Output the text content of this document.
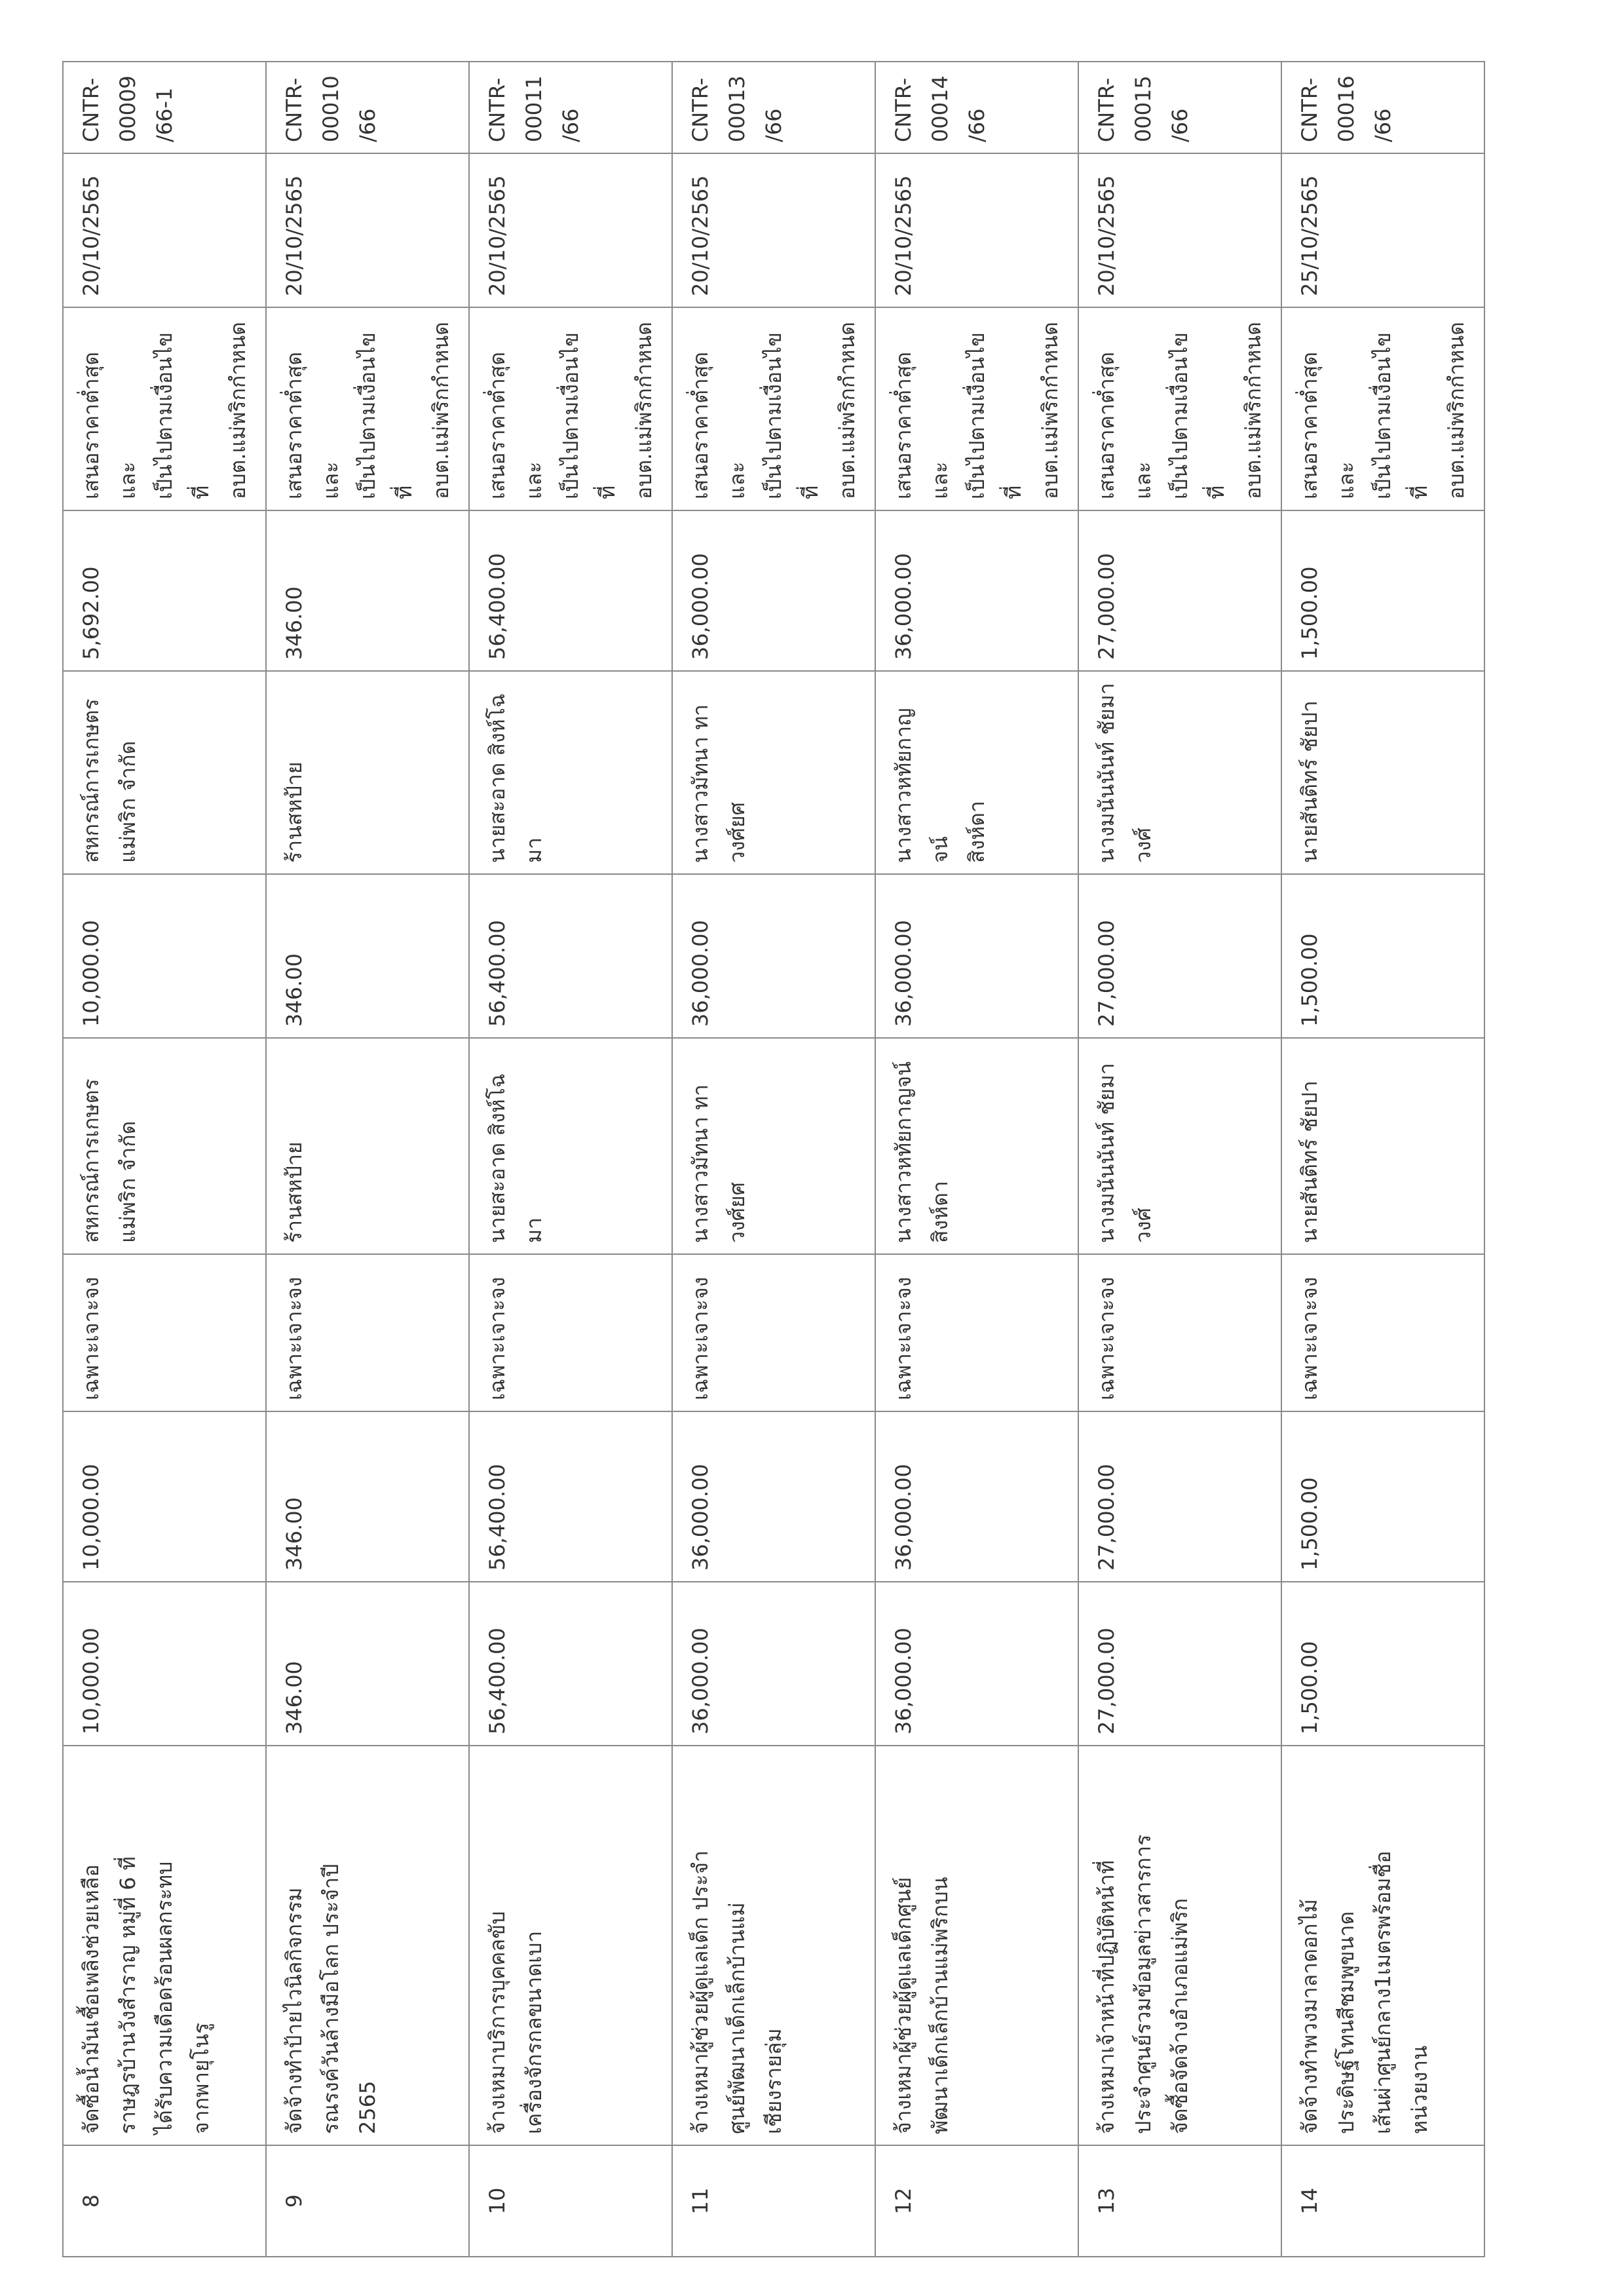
8	จัดซื้อน้ำมันเชื้อเพลิงช่วยเหลือ ราษฎรบ้านวังสำราญ หมู่ที่ 6 ที่ ได้รับความเดือดร้อนผลกระทบ จากพายุโนรู	10,000.00	10,000.00	เฉพาะเจาะจง	สหกรณ์การเกษตร แม่พริก จำกัด	10,000.00	สหกรณ์การเกษตร แม่พริก จำกัด	5,692.00	เสนอราคาต่ำสุดและ เป็นไปตามเงื่อนไขที่ อบต.แม่พริกกำหนด	20/10/2565	CNTR-00009/66-1
9	จัดจ้างทำป้ายไวนิลกิจกรรม รณรงค์วันล้างมือโลก ประจำปี 2565	346.00	346.00	เฉพาะเจาะจง	ร้านสหป้าย	346.00	ร้านสหป้าย	346.00	เสนอราคาต่ำสุดและ เป็นไปตามเงื่อนไขที่ อบต.แม่พริกกำหนด	20/10/2565	CNTR-00010/66
10	จ้างเหมาบริการบุคคลขับ เครื่องจักรกลขนาดเบา	56,400.00	56,400.00	เฉพาะเจาะจง	นายสะอาด สิงห์โฉมา	56,400.00	นายสะอาด สิงห์โฉมา	56,400.00	เสนอราคาต่ำสุดและ เป็นไปตามเงื่อนไขที่ อบต.แม่พริกกำหนด	20/10/2565	CNTR-00011/66
11	จ้างเหมาผู้ช่วยผู้ดูแลเด็ก ประจำ ศูนย์พัฒนาเด็กเล็กบ้านแม่ เชียงรายลุ่ม	36,000.00	36,000.00	เฉพาะเจาะจง	นางสาวมัทนา ทา วงศ์ยศ	36,000.00	นางสาวมัทนา ทา วงศ์ยศ	36,000.00	เสนอราคาต่ำสุดและ เป็นไปตามเงื่อนไขที่ อบต.แม่พริกกำหนด	20/10/2565	CNTR-00013/66
12	จ้างเหมาผู้ช่วยผู้ดูแลเด็กศูนย์ พัฒนาเด็กเล็กบ้านแม่พริกบน	36,000.00	36,000.00	เฉพาะเจาะจง	นางสาวหทัยกาญจน์ สิงห์ดา	36,000.00	นางสาวหทัยกาญจน์ สิงห์ดา	36,000.00	เสนอราคาต่ำสุดและ เป็นไปตามเงื่อนไขที่ อบต.แม่พริกกำหนด	20/10/2565	CNTR-00014/66
13	จ้างเหมาเจ้าหน้าที่ปฏิบัติหน้าที่ ประจำศูนย์รวมข้อมูลข่าวสารการ จัดซื้อจัดจ้างอำเภอแม่พริก	27,000.00	27,000.00	เฉพาะเจาะจง	นางมนันนันท์ ชัยมา วงศ์	27,000.00	นางมนันนันท์ ชัยมา วงศ์	27,000.00	เสนอราคาต่ำสุดและ เป็นไปตามเงื่อนไขที่ อบต.แม่พริกกำหนด	20/10/2565	CNTR-00015/66
14	จัดจ้างทำพวงมาลาดอกไม้ ประดิษฐ์โทนสีชมพูขนาด เส้นผ่าศูนย์กลาง1เมตรพร้อมชื่อ หน่วยงาน	1,500.00	1,500.00	เฉพาะเจาะจง	นายสันติทร์ ชัยปา	1,500.00	นายสันติทร์ ชัยปา	1,500.00	เสนอราคาต่ำสุดและ เป็นไปตามเงื่อนไขที่ อบต.แม่พริกกำหนด	25/10/2565	CNTR-00016/66
